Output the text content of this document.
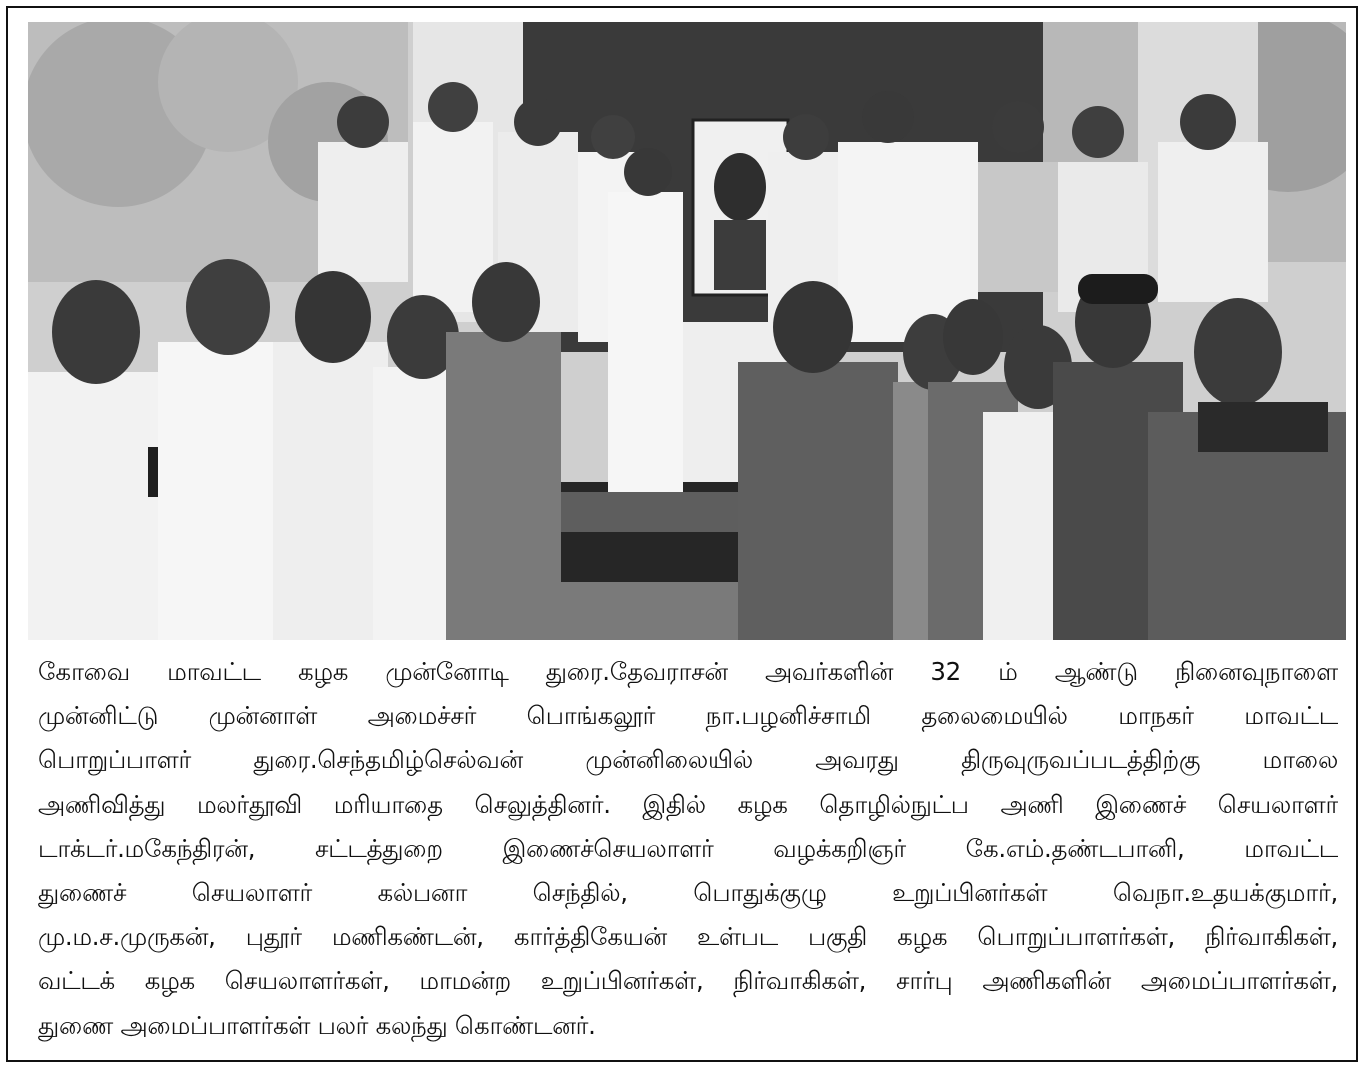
கோவை மாவட்ட கழக முன்னோடி துரை.தேவராசன் அவர்களின் 32 ம் ஆண்டு நினைவுநாளை
முன்னிட்டு முன்னாள் அமைச்சர் பொங்கலூர் நா.பழனிச்சாமி தலைமையில் மாநகர் மாவட்ட
பொறுப்பாளர் துரை.செந்தமிழ்செல்வன் முன்னிலையில் அவரது திருவுருவப்படத்திற்கு மாலை
அணிவித்து மலர்தூவி மரியாதை செலுத்தினர். இதில் கழக தொழில்நுட்ப அணி இணைச் செயலாளர்
டாக்டர்.மகேந்திரன், சட்டத்துறை இணைச்செயலாளர் வழக்கறிஞர் கே.எம்.தண்டபானி, மாவட்ட
துணைச் செயலாளர் கல்பனா செந்தில், பொதுக்குழு உறுப்பினர்கள் வெநா.உதயக்குமார்,
மு.ம.ச.முருகன், புதூர் மணிகண்டன், கார்த்திகேயன் உள்பட பகுதி கழக பொறுப்பாளர்கள், நிர்வாகிகள்,
வட்டக் கழக செயலாளர்கள், மாமன்ற உறுப்பினர்கள், நிர்வாகிகள், சார்பு அணிகளின் அமைப்பாளர்கள்,
துணை அமைப்பாளர்கள் பலர் கலந்து கொண்டனர்.
